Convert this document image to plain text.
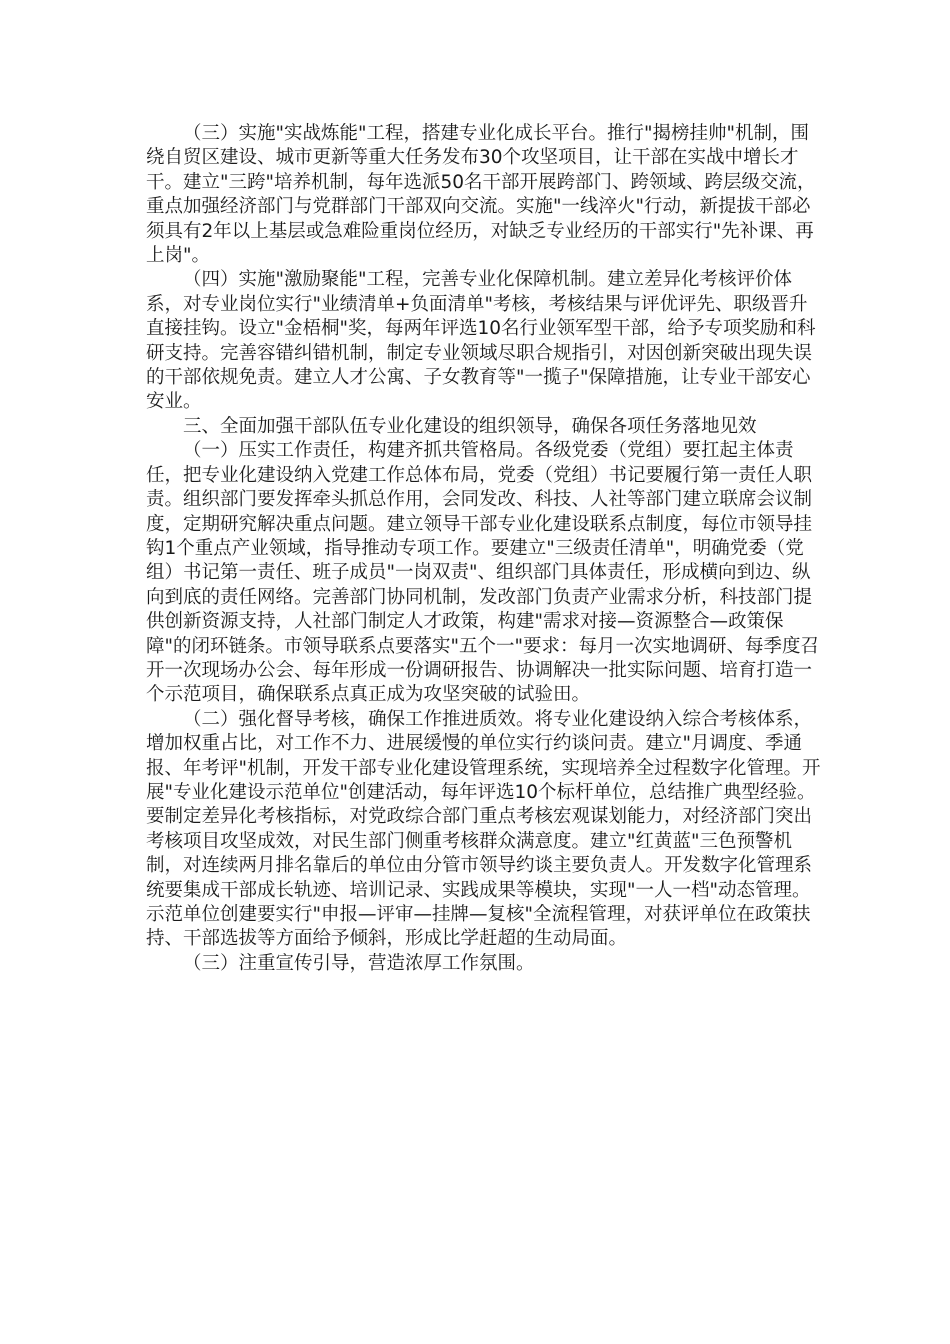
（三）实施"实战炼能"工程，搭建专业化成长平台。推行"揭榜挂帅"机制，围绕自贸区建设、城市更新等重大任务发布30个攻坚项目，让干部在实战中增长才干。建立"三跨"培养机制，每年选派50名干部开展跨部门、跨领域、跨层级交流，重点加强经济部门与党群部门干部双向交流。实施"一线淬火"行动，新提拔干部必须具有2年以上基层或急难险重岗位经历，对缺乏专业经历的干部实行"先补课、再上岗"。

（四）实施"激励聚能"工程，完善专业化保障机制。建立差异化考核评价体系，对专业岗位实行"业绩清单+负面清单"考核，考核结果与评优评先、职级晋升直接挂钩。设立"金梧桐"奖，每两年评选10名行业领军型干部，给予专项奖励和科研支持。完善容错纠错机制，制定专业领域尽职合规指引，对因创新突破出现失误的干部依规免责。建立人才公寓、子女教育等"一揽子"保障措施，让专业干部安心安业。

三、全面加强干部队伍专业化建设的组织领导，确保各项任务落地见效

（一）压实工作责任，构建齐抓共管格局。各级党委（党组）要扛起主体责任，把专业化建设纳入党建工作总体布局，党委（党组）书记要履行第一责任人职责。组织部门要发挥牵头抓总作用，会同发改、科技、人社等部门建立联席会议制度，定期研究解决重点问题。建立领导干部专业化建设联系点制度，每位市领导挂钩1个重点产业领域，指导推动专项工作。要建立"三级责任清单"，明确党委（党组）书记第一责任、班子成员"一岗双责"、组织部门具体责任，形成横向到边、纵向到底的责任网络。完善部门协同机制，发改部门负责产业需求分析，科技部门提供创新资源支持，人社部门制定人才政策，构建"需求对接—资源整合—政策保障"的闭环链条。市领导联系点要落实"五个一"要求：每月一次实地调研、每季度召开一次现场办公会、每年形成一份调研报告、协调解决一批实际问题、培育打造一个示范项目，确保联系点真正成为攻坚突破的试验田。

（二）强化督导考核，确保工作推进质效。将专业化建设纳入综合考核体系，增加权重占比，对工作不力、进展缓慢的单位实行约谈问责。建立"月调度、季通报、年考评"机制，开发干部专业化建设管理系统，实现培养全过程数字化管理。开展"专业化建设示范单位"创建活动，每年评选10个标杆单位，总结推广典型经验。要制定差异化考核指标，对党政综合部门重点考核宏观谋划能力，对经济部门突出考核项目攻坚成效，对民生部门侧重考核群众满意度。建立"红黄蓝"三色预警机制，对连续两月排名靠后的单位由分管市领导约谈主要负责人。开发数字化管理系统要集成干部成长轨迹、培训记录、实践成果等模块，实现"一人一档"动态管理。示范单位创建要实行"申报—评审—挂牌—复核"全流程管理，对获评单位在政策扶持、干部选拔等方面给予倾斜，形成比学赶超的生动局面。

（三）注重宣传引导，营造浓厚工作氛围。
